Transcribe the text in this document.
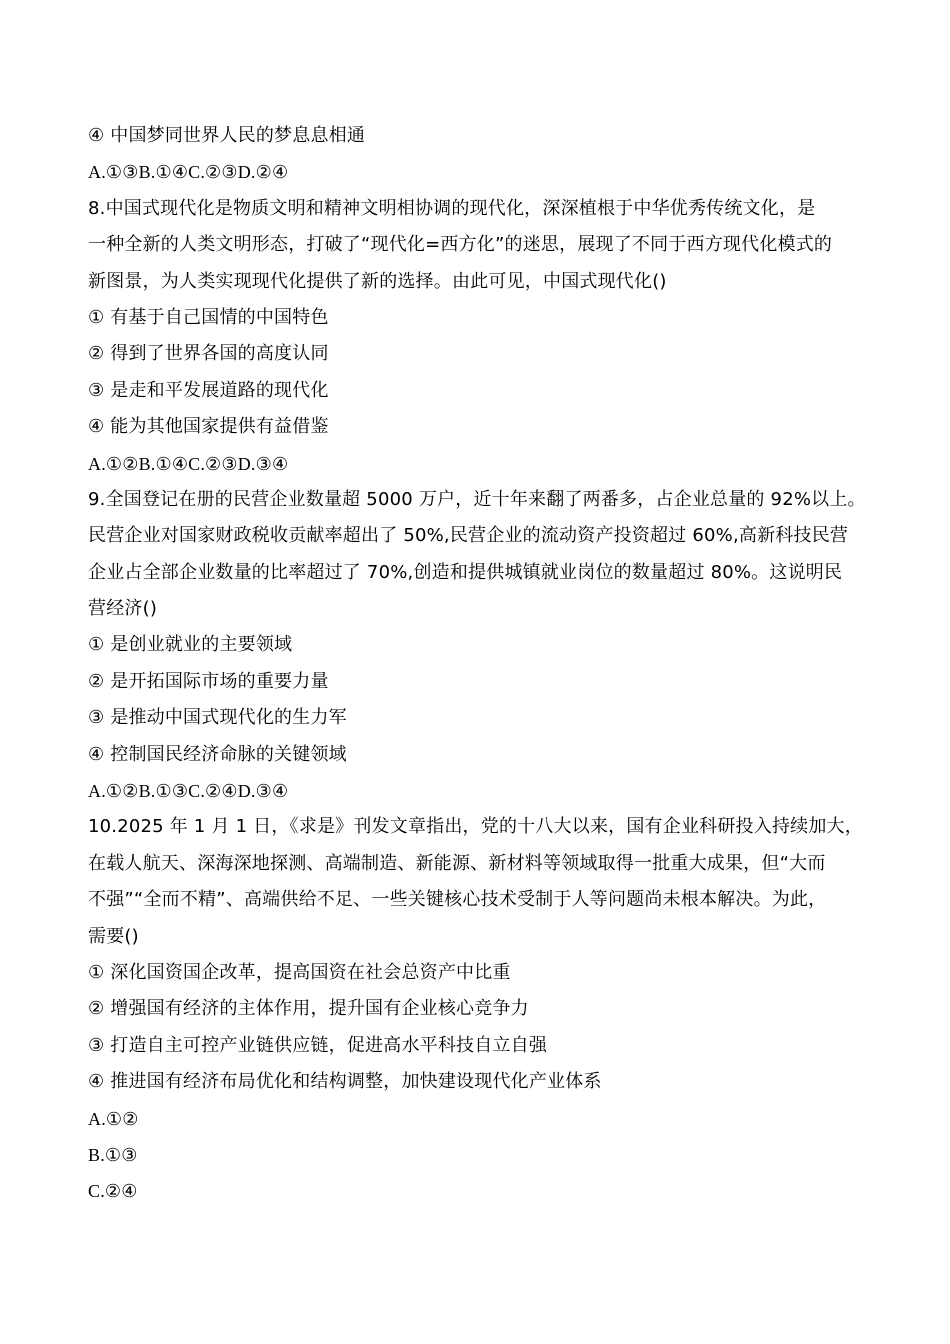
④ 中国梦同世界人民的梦息息相通
A.①③B.①④C.②③D.②④
8.中国式现代化是物质文明和精神文明相协调的现代化，深深植根于中华优秀传统文化，是
一种全新的人类文明形态，打破了“现代化=西方化”的迷思，展现了不同于西方现代化模式的
新图景，为人类实现现代化提供了新的选择。由此可见，中国式现代化()
① 有基于自己国情的中国特色
② 得到了世界各国的高度认同
③ 是走和平发展道路的现代化
④ 能为其他国家提供有益借鉴
A.①②B.①④C.②③D.③④
9.全国登记在册的民营企业数量超 5000 万户，近十年来翻了两番多，占企业总量的 92%以上。
民营企业对国家财政税收贡献率超出了 50%,民营企业的流动资产投资超过 60%,高新科技民营
企业占全部企业数量的比率超过了 70%,创造和提供城镇就业岗位的数量超过 80%。这说明民
营经济()
① 是创业就业的主要领域
② 是开拓国际市场的重要力量
③ 是推动中国式现代化的生力军
④ 控制国民经济命脉的关键领域
A.①②B.①③C.②④D.③④
10.2025 年 1 月 1 日，《求是》刊发文章指出，党的十八大以来，国有企业科研投入持续加大，
在载人航天、深海深地探测、高端制造、新能源、新材料等领域取得一批重大成果，但“大而
不强”“全而不精”、高端供给不足、一些关键核心技术受制于人等问题尚未根本解决。为此，
需要()
① 深化国资国企改革，提高国资在社会总资产中比重
② 增强国有经济的主体作用，提升国有企业核心竞争力
③ 打造自主可控产业链供应链，促进高水平科技自立自强
④ 推进国有经济布局优化和结构调整，加快建设现代化产业体系
A.①②
B.①③
C.②④
